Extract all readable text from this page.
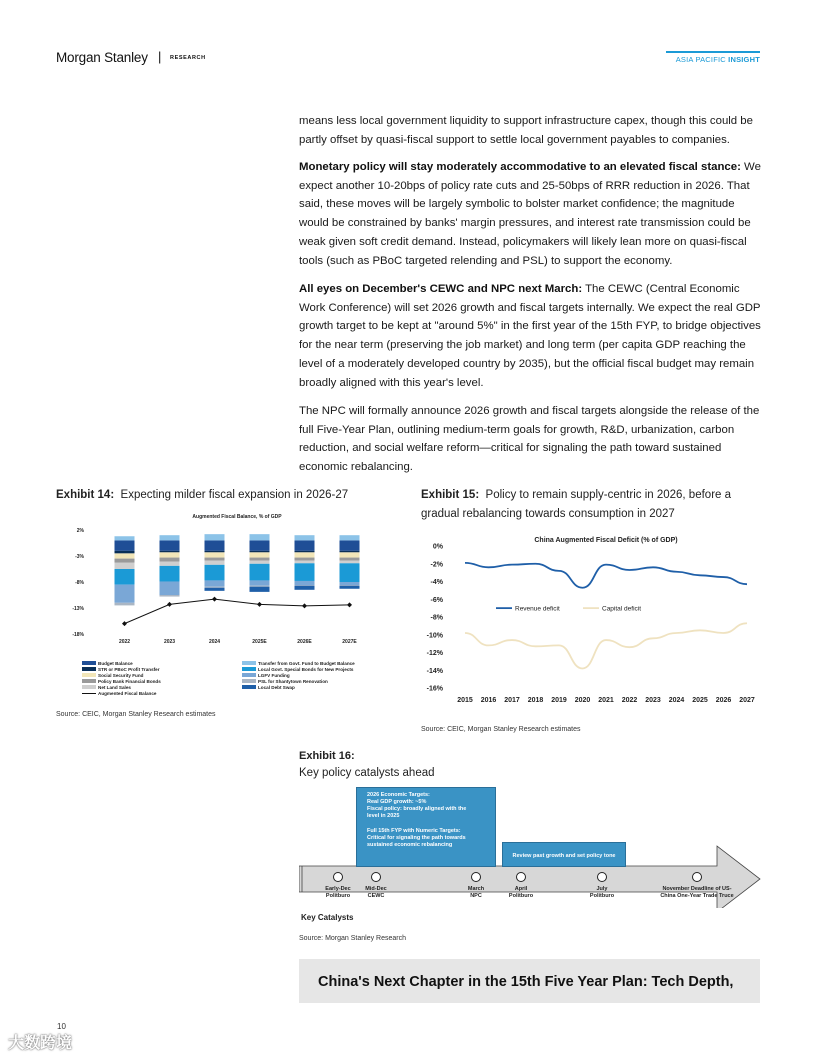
Morgan Stanley | RESEARCH	ASIA PACIFIC INSIGHT
means less local government liquidity to support infrastructure capex, though this could be partly offset by quasi-fiscal support to settle local government payables to companies.
Monetary policy will stay moderately accommodative to an elevated fiscal stance: We expect another 10-20bps of policy rate cuts and 25-50bps of RRR reduction in 2026. That said, these moves will be largely symbolic to bolster market confidence; the magnitude would be constrained by banks' margin pressures, and interest rate transmission could be weak given soft credit demand. Instead, policymakers will likely lean more on quasi-fiscal tools (such as PBoC targeted relending and PSL) to support the economy.
All eyes on December's CEWC and NPC next March: The CEWC (Central Economic Work Conference) will set 2026 growth and fiscal targets internally. We expect the real GDP growth target to be kept at "around 5%" in the first year of the 15th FYP, to bridge objectives for the near term (preserving the job market) and long term (per capita GDP reaching the level of a moderately developed country by 2035), but the official fiscal budget may remain broadly aligned with this year's level.
The NPC will formally announce 2026 growth and fiscal targets alongside the release of the full Five-Year Plan, outlining medium-term goals for growth, R&D, urbanization, carbon reduction, and social welfare reform—critical for signaling the path toward sustained economic rebalancing.
Exhibit 14: Expecting milder fiscal expansion in 2026-27
Augmented Fiscal Balance, % of GDP
2%
-3%
-8%
-13%
-18%
2022	2023	2024	2025E	2026E	2027E
Budget Balance	Transfer from Govt. Fund to Budget Balance
STR or PBoC Profit Transfer	Local Govt. Special Bonds for New Projects
Social Security Fund	LGFV Funding
Policy Bank Financial Bonds	PSL for Shantytown Renovation
Net Land Sales	Local Debt Swap
Augmented Fiscal Balance
Source: CEIC, Morgan Stanley Research estimates
Exhibit 15: Policy to remain supply-centric in 2026, before a gradual rebalancing towards consumption in 2027
China Augmented Fiscal Deficit (% of GDP)
0%
-2%
-4%
-6%
-8%
-10%
-12%
-14%
-16%
2015 2016 2017 2018 2019 2020 2021 2022 2023 2024 2025 2026 2027
Revenue deficit	Capital deficit
Source: CEIC, Morgan Stanley Research estimates
Exhibit 16:
Key policy catalysts ahead
2026 Economic Targets:
Real GDP growth: ~5%
Fiscal policy: broadly aligned with the
level in 2025
Full 15th FYP with Numeric Targets:
Critical for signaling the path towards
sustained economic rebalancing
Review past growth and set policy tone
Early-Dec
Politburo
Mid-Dec
CEWC
March
NPC
April
Politburo
July
Politburo
November Deadline of US-
China One-Year Trade Truce
Key Catalysts
Source: Morgan Stanley Research
China's Next Chapter in the 15th Five Year Plan: Tech Depth,
10
大数跨境
